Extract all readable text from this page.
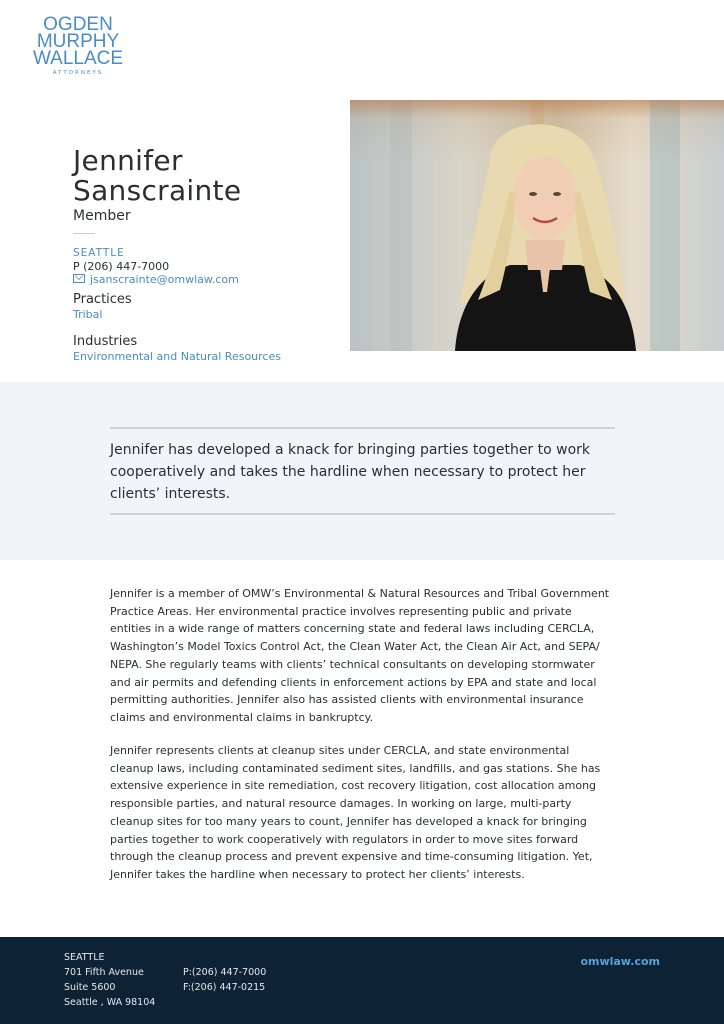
OGDEN
MURPHY
WALLACE
ATTORNEYS
Jennifer
Sanscrainte
Member
SEATTLE
P (206) 447-7000
jsanscrainte@omwlaw.com
Practices
Tribal
Industries
Environmental and Natural Resources
Jennifer has developed a knack for bringing parties together to work cooperatively and takes the hardline when necessary to protect her clients’ interests.

Jennifer is a member of OMW’s Environmental & Natural Resources and Tribal Government Practice Areas. Her environmental practice involves representing public and private entities in a wide range of matters concerning state and federal laws including CERCLA, Washington’s Model Toxics Control Act, the Clean Water Act, the Clean Air Act, and SEPA/ NEPA. She regularly teams with clients’ technical consultants on developing stormwater and air permits and defending clients in enforcement actions by EPA and state and local permitting authorities. Jennifer also has assisted clients with environmental insurance claims and environmental claims in bankruptcy.

Jennifer represents clients at cleanup sites under CERCLA, and state environmental cleanup laws, including contaminated sediment sites, landfills, and gas stations. She has extensive experience in site remediation, cost recovery litigation, cost allocation among responsible parties, and natural resource damages. In working on large, multi-party cleanup sites for too many years to count, Jennifer has developed a knack for bringing parties together to work cooperatively with regulators in order to move sites forward through the cleanup process and prevent expensive and time-consuming litigation. Yet, Jennifer takes the hardline when necessary to protect her clients’ interests.

SEATTLE
701 Fifth Avenue
Suite 5600
Seattle , WA 98104
P:(206) 447-7000
F:(206) 447-0215
omwlaw.com
